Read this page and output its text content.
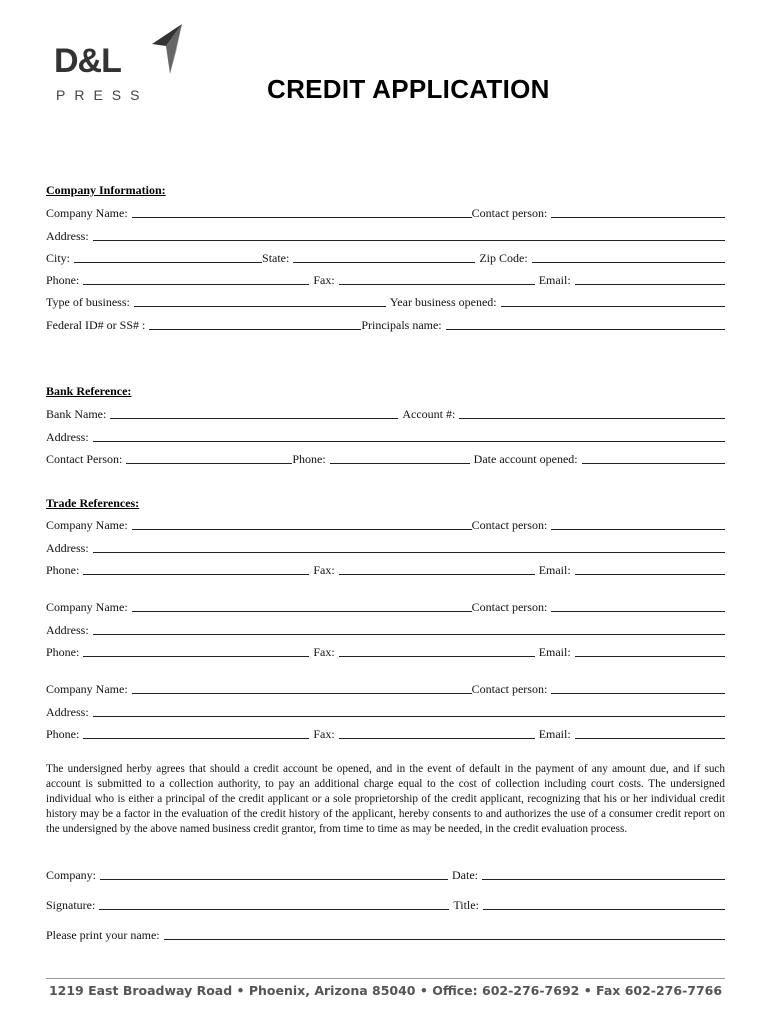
D&L
PRESS	CREDIT APPLICATION
Company Information:
Company Name:	Contact person:
Address:
City:	State:	Zip Code:
Phone:	Fax:	Email:
Type of business:	Year business opened:
Federal ID# or SS# :	Principals name:
Bank Reference:
Bank Name:	Account #:
Address:
Contact Person:	Phone:	Date account opened:
Trade References:
Company Name:	Contact person:
Address:
Phone:	Fax:	Email:
Company Name:	Contact person:
Address:
Phone:	Fax:	Email:
Company Name:	Contact person:
Address:
Phone:	Fax:	Email:
The undersigned herby agrees that should a credit account be opened, and in the event of default in the payment of any amount due, and if such account is submitted to a collection authority, to pay an additional charge equal to the cost of collection including court costs. The undersigned individual who is either a principal of the credit applicant or a sole proprietorship of the credit applicant, recognizing that his or her individual credit history may be a factor in the evaluation of the credit history of the applicant, hereby consents to and authorizes the use of a consumer credit report on the undersigned by the above named business credit grantor, from time to time as may be needed, in the credit evaluation process.
Company:	Date:
Signature:	Title:
Please print your name:
1219 East Broadway Road • Phoenix, Arizona 85040 • Office: 602-276-7692 • Fax 602-276-7766
